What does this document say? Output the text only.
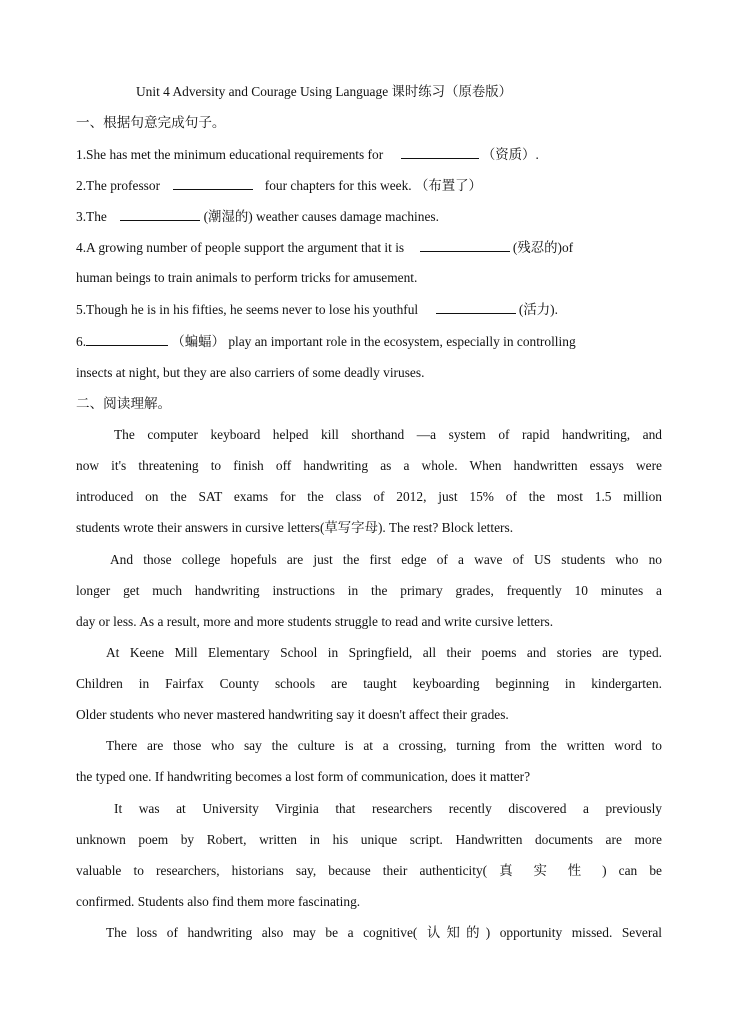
Unit 4 Adversity and Courage Using Language 课时练习（原卷版）
一、根据句意完成句子。
1.She has met the minimum educational requirements for	（资质）.
2.The professor	four chapters for this week. （布置了）
3.The	(潮湿的) weather causes damage machines.
4.A growing number of people support the argument that it is	(残忍的)of
human beings to train animals to perform tricks for amusement.
5.Though he is in his fifties, he seems never to lose his youthful	(活力).
6.	（蝙蝠） play an important role in the ecosystem, especially in controlling
insects at night, but they are also carriers of some deadly viruses.
二、阅读理解。
The computer keyboard helped kill shorthand —a system of rapid handwriting, and
now it's threatening to finish off handwriting as a whole. When handwritten essays were
introduced on the SAT exams for the class of 2012, just 15% of the most 1.5 million
students wrote their answers in cursive letters(草写字母). The rest? Block letters.
And those college hopefuls are just the first edge of a wave of US students who no
longer get much handwriting instructions in the primary grades, frequently 10 minutes a
day or less. As a result, more and more students struggle to read and write cursive letters.
At Keene Mill Elementary School in Springfield, all their poems and stories are typed.
Children in Fairfax County schools are taught keyboarding beginning in kindergarten.
Older students who never mastered handwriting say it doesn't affect their grades.
There are those who say the culture is at a crossing, turning from the written word to
the typed one. If handwriting becomes a lost form of communication, does it matter?
It was at University Virginia that researchers recently discovered a previously
unknown poem by Robert, written in his unique script. Handwritten documents are more
valuable to researchers, historians say, because their authenticity( 真 实 性 ) can be
confirmed. Students also find them more fascinating.
The loss of handwriting also may be a cognitive( 认知的) opportunity missed. Several
